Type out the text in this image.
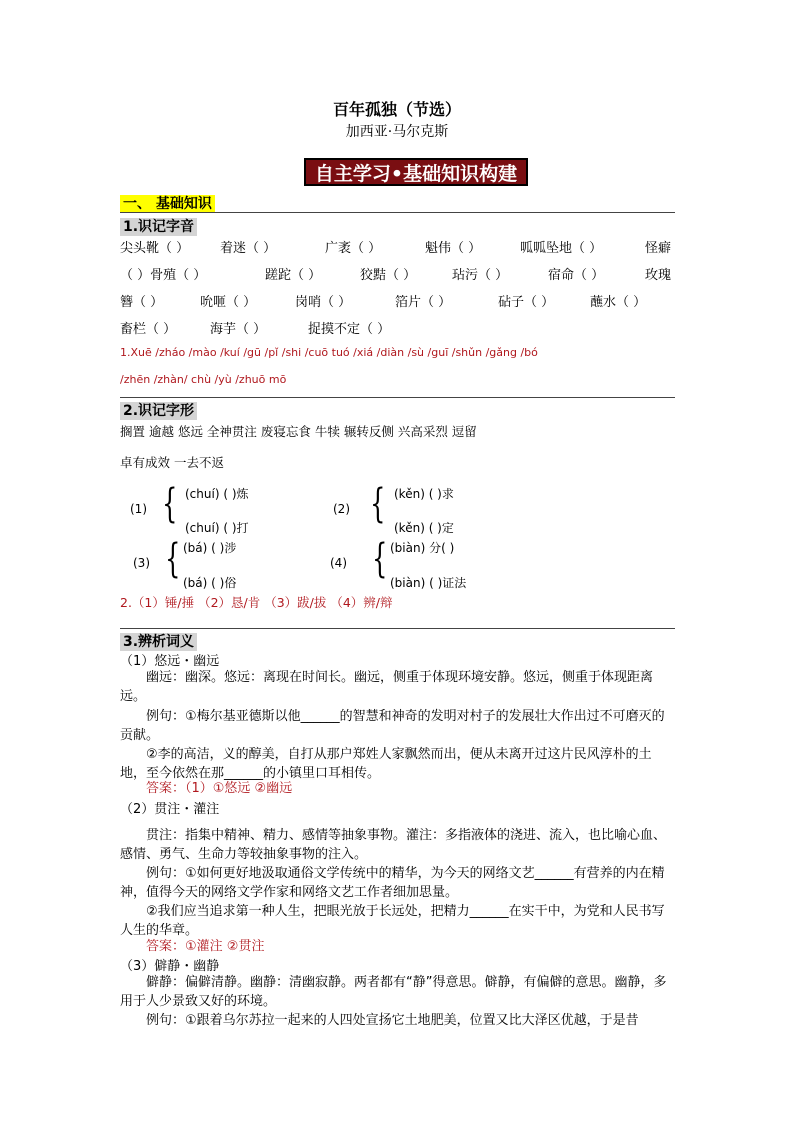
百年孤独（节选）
加西亚·马尔克斯
自主学习•基础知识构建
一、 基础知识
1.识记字音
尖头靴（ ） 着迷（ ）	广袤（ ）	魁伟（ ）	呱呱坠地（ ）	怪癖
（ ）骨殖（ ）	蹉跎（ ）	狡黠（ ）	玷污（ ）	宿命（ ）	玫瑰
簪（ ）	吮咂（ ）	岗哨（ ）	箔片（ ）	砧子（ ）	蘸水（ ）
畜栏（ ）	海芋（ ）	捉摸不定（ ）
1.Xuē /zháo /mào /kuí /gū /pǐ /shi /cuō tuó /xiá /diàn /sù /guī /shǔn /gǎng /bó
/zhēn /zhàn/ chù /yù /zhuō mō
2.识记字形
搁置 逾越 悠远 全神贯注 废寝忘食 牛犊 辗转反侧 兴高采烈 逗留
卓有成效 一去不返
(1) { (chuí) ( )炼
(chuí) ( )打
(2) { (kěn) ( )求
(kěn) ( )定
(3) { (bá) ( )涉
(bá) ( )俗
(4) { (biàn) 分( )
(biàn) ( )证法
2.（1）锤/捶 （2）恳/肯 （3）跋/拔 （4）辨/辩
3.辨析词义
（1）悠远・幽远
幽远：幽深。悠远：离现在时间长。幽远，侧重于体现环境安静。悠远，侧重于体现距离远。
例句：①梅尔基亚德斯以他______的智慧和神奇的发明对村子的发展壮大作出过不可磨灭的贡献。
②李的高洁，义的醇美，自打从那户郑姓人家飘然而出，便从未离开过这片民风淳朴的土地，至今依然在那______的小镇里口耳相传。
答案：（1）①悠远 ②幽远
（2）贯注・灌注
贯注：指集中精神、精力、感情等抽象事物。灌注：多指液体的浇进、流入，也比喻心血、感情、勇气、生命力等较抽象事物的注入。
例句：①如何更好地汲取通俗文学传统中的精华，为今天的网络文艺______有营养的内在精神，值得今天的网络文学作家和网络文艺工作者细加思量。
②我们应当追求第一种人生，把眼光放于长远处，把精力______在实干中，为党和人民书写人生的华章。
答案：①灌注 ②贯注
（3）僻静・幽静
僻静：偏僻清静。幽静：清幽寂静。两者都有“静”得意思。僻静，有偏僻的意思。幽静，多用于人少景致又好的环境。
例句：①跟着乌尔苏拉一起来的人四处宣扬它土地肥美，位置又比大泽区优越，于是昔
